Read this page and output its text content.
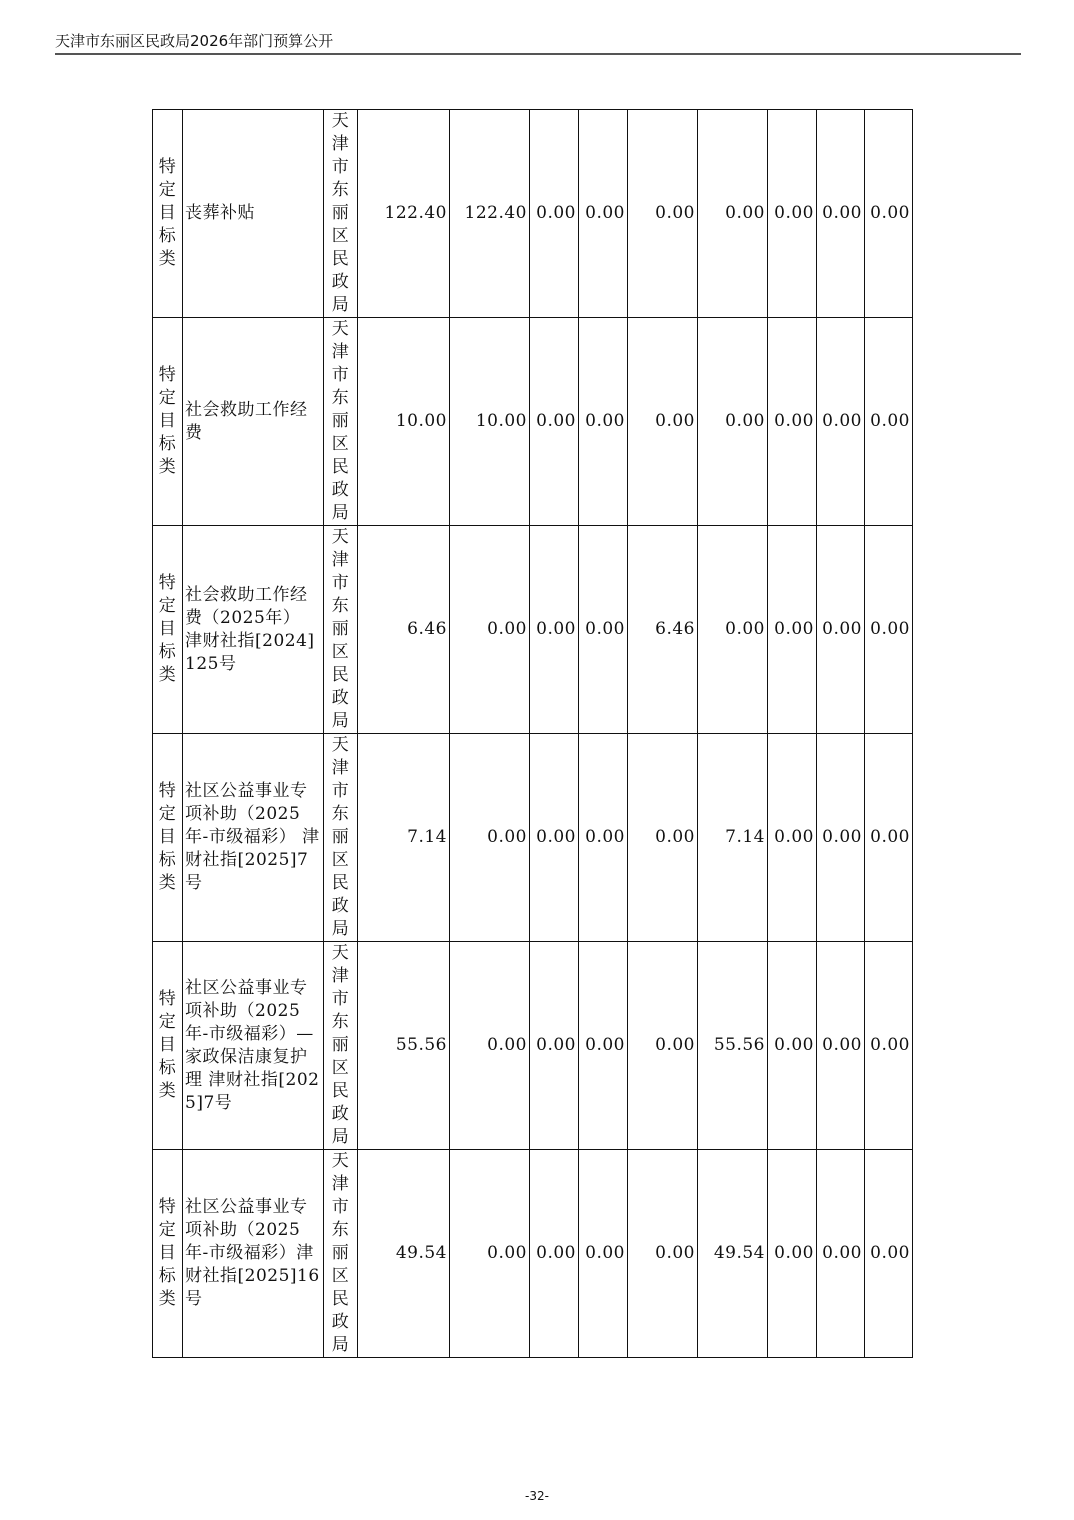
天津市东丽区民政局2026年部门预算公开
特定目标类	丧葬补贴	天津市东丽区民政局	122.40	122.40	0.00	0.00	0.00	0.00	0.00	0.00	0.00
特定目标类	社会救助工作经费	天津市东丽区民政局	10.00	10.00	0.00	0.00	0.00	0.00	0.00	0.00	0.00
特定目标类	社会救助工作经费（2025年） 津财社指[2024]125号	天津市东丽区民政局	6.46	0.00	0.00	0.00	6.46	0.00	0.00	0.00	0.00
特定目标类	社区公益事业专项补助（2025年-市级福彩） 津财社指[2025]7号	天津市东丽区民政局	7.14	0.00	0.00	0.00	0.00	7.14	0.00	0.00	0.00
特定目标类	社区公益事业专项补助（2025年-市级福彩）—家政保洁康复护理 津财社指[2025]7号	天津市东丽区民政局	55.56	0.00	0.00	0.00	0.00	55.56	0.00	0.00	0.00
特定目标类	社区公益事业专项补助（2025年-市级福彩）津财社指[2025]16号	天津市东丽区民政局	49.54	0.00	0.00	0.00	0.00	49.54	0.00	0.00	0.00
-32-
